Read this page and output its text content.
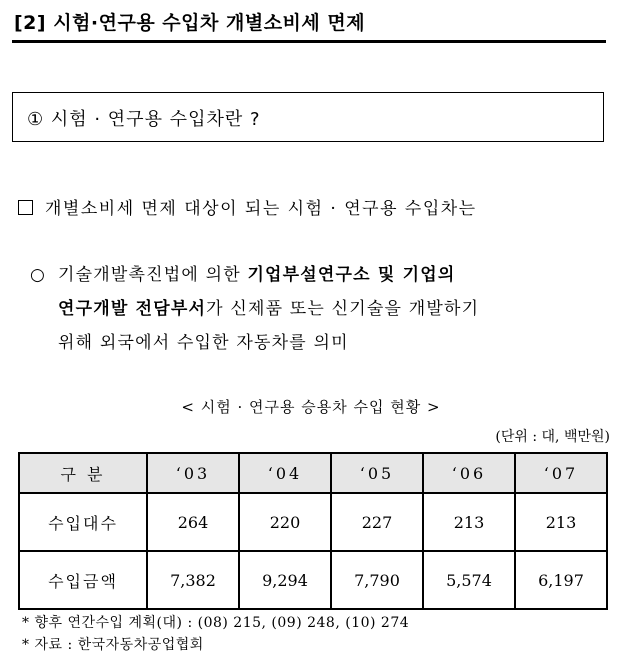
[2] 시험·연구용 수입차 개별소비세 면제
① 시험 · 연구용 수입차란 ?
개별소비세 면제 대상이 되는 시험 · 연구용 수입차는
○ 기술개발촉진법에 의한 기업부설연구소 및 기업의
연구개발 전담부서가 신제품 또는 신기술을 개발하기
위해 외국에서 수입한 자동차를 의미
< 시험 · 연구용 승용차 수입 현황 >
(단위 : 대, 백만원)
구 분	‘03	‘04	‘05	‘06	‘07
수입대수	264	220	227	213	213
수입금액	7,382	9,294	7,790	5,574	6,197
* 향후 연간수입 계획(대) : (08) 215, (09) 248, (10) 274
* 자료 : 한국자동차공업협회
